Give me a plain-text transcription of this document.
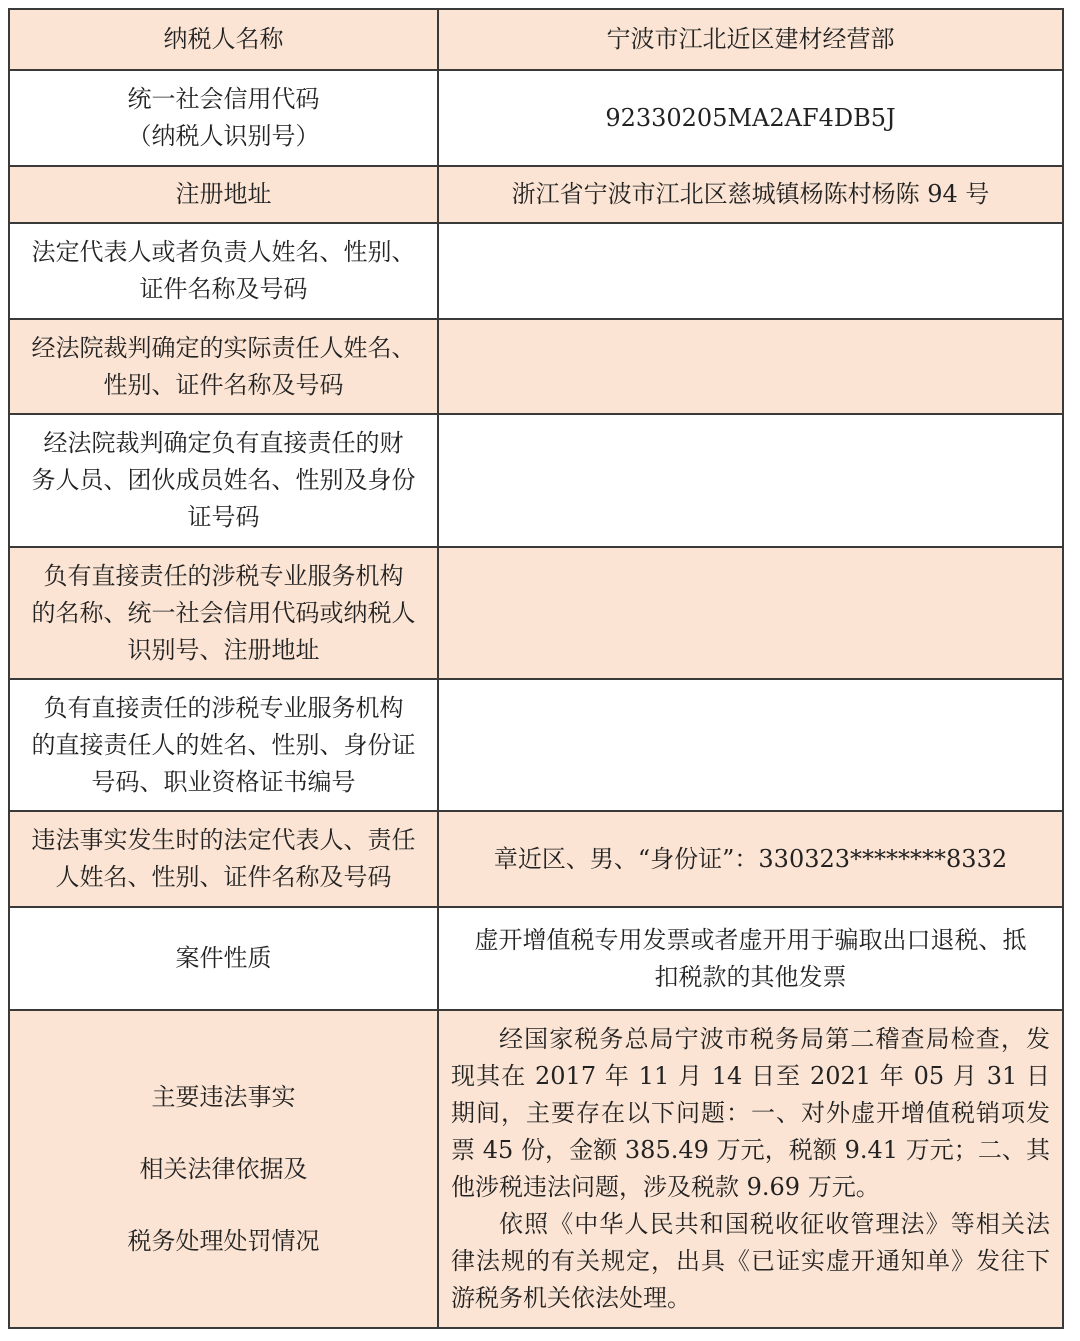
纳税人名称	宁波市江北近区建材经营部

统一社会信用代码
（纳税人识别号）	92330205MA2AF4DB5J

注册地址	浙江省宁波市江北区慈城镇杨陈村杨陈 94 号

法定代表人或者负责人姓名、性别、
证件名称及号码	

经法院裁判确定的实际责任人姓名、
性别、证件名称及号码	

经法院裁判确定负有直接责任的财
务人员、团伙成员姓名、性别及身份
证号码	

负有直接责任的涉税专业服务机构
的名称、统一社会信用代码或纳税人
识别号、注册地址	

负有直接责任的涉税专业服务机构
的直接责任人的姓名、性别、身份证
号码、职业资格证书编号	

违法事实发生时的法定代表人、责任
人姓名、性别、证件名称及号码	章近区、男、“身份证”：330323********8332

案件性质	虚开增值税专用发票或者虚开用于骗取出口退税、抵
扣税款的其他发票

主要违法事实
相关法律依据及
税务处理处罚情况	经国家税务总局宁波市税务局第二稽查局检查，发现其在 2017 年 11 月 14 日至 2021 年 05 月 31 日期间，主要存在以下问题：一、对外虚开增值税销项发票 45 份，金额 385.49 万元，税额 9.41 万元；二、其他涉税违法问题，涉及税款 9.69 万元。
依照《中华人民共和国税收征收管理法》等相关法律法规的有关规定，出具《已证实虚开通知单》发往下游税务机关依法处理。
